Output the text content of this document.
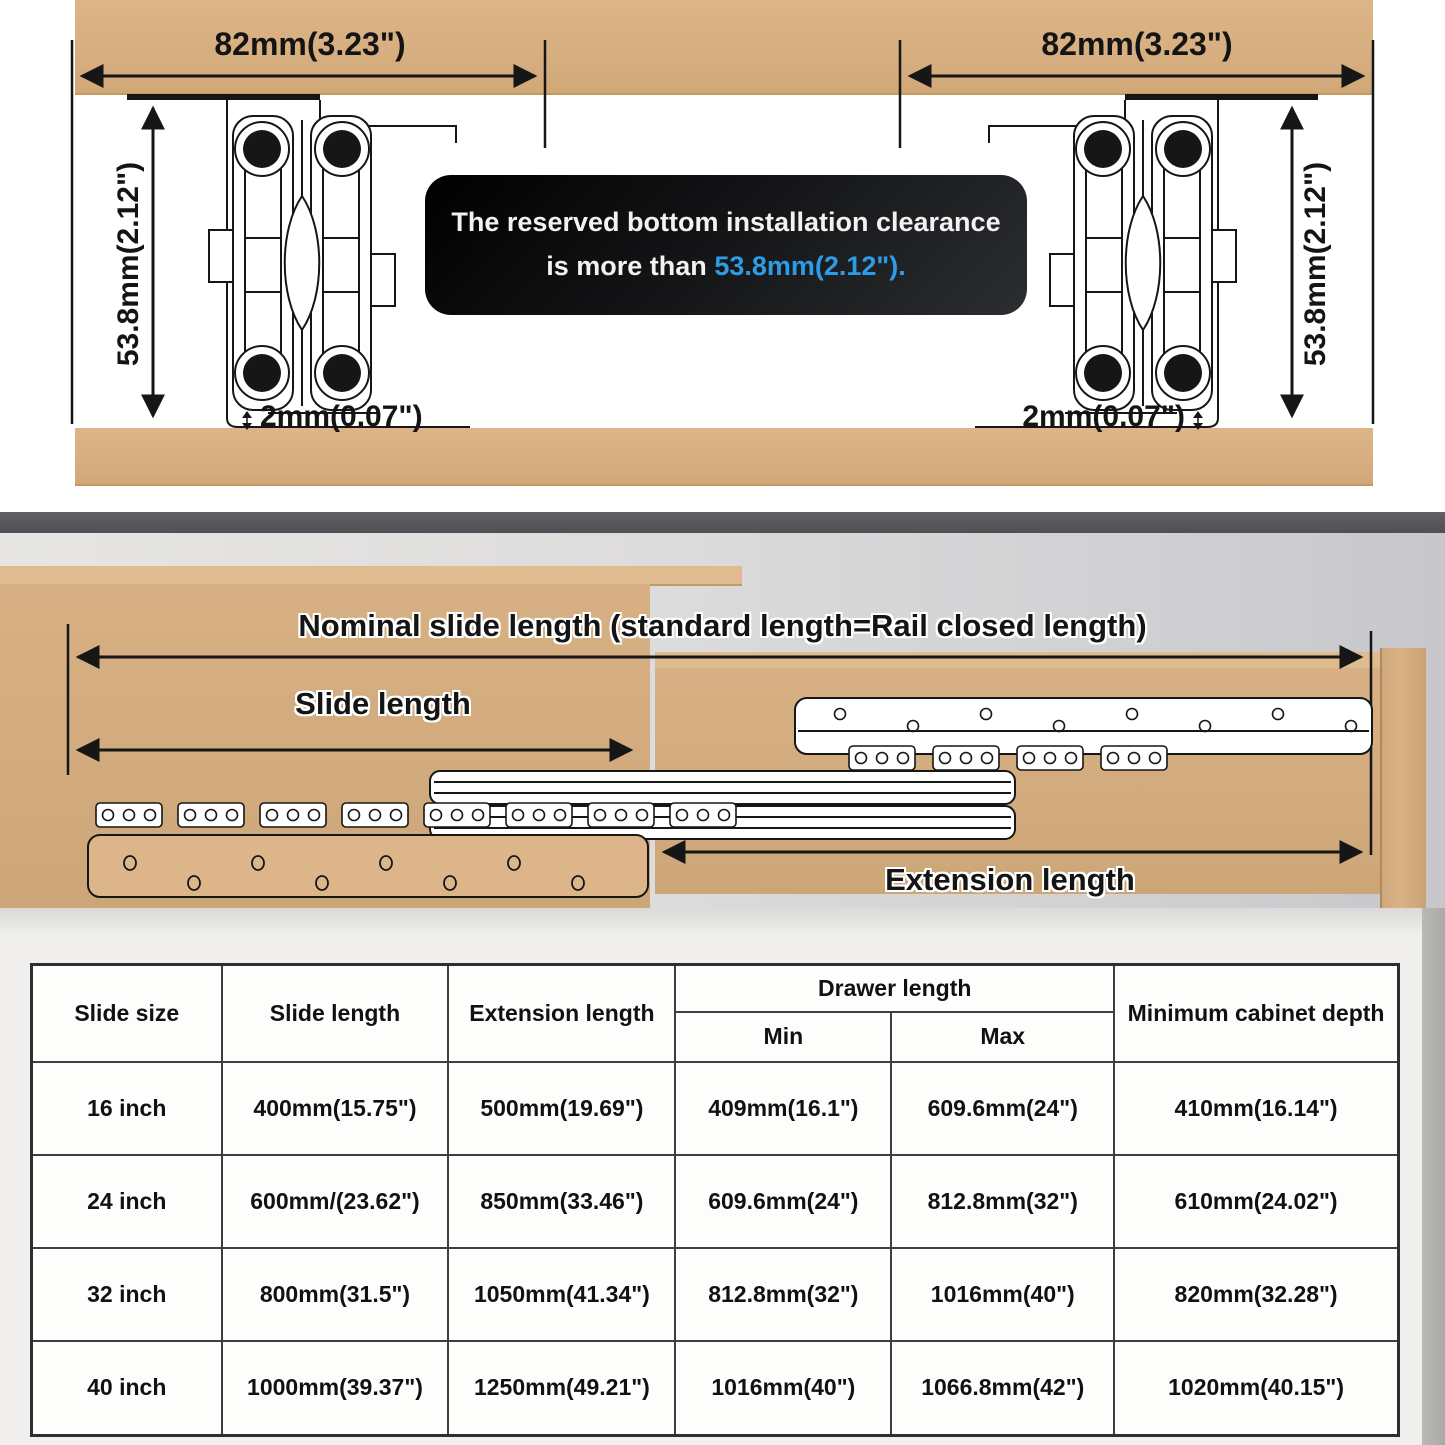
82mm(3.23")	82mm(3.23")
53.8mm(2.12")	53.8mm(2.12")
2mm(0.07")	2mm(0.07")
The reserved bottom installation clearance is more than 53.8mm(2.12").
Nominal slide length (standard length=Rail closed length)
Slide length
Extension length
Slide size	Slide length	Extension length	Drawer length		Minimum cabinet depth
			Min	Max	
16 inch	400mm(15.75")	500mm(19.69")	409mm(16.1")	609.6mm(24")	410mm(16.14")
24 inch	600mm/(23.62")	850mm(33.46")	609.6mm(24")	812.8mm(32")	610mm(24.02")
32 inch	800mm(31.5")	1050mm(41.34")	812.8mm(32")	1016mm(40")	820mm(32.28")
40 inch	1000mm(39.37")	1250mm(49.21")	1016mm(40")	1066.8mm(42")	1020mm(40.15")
